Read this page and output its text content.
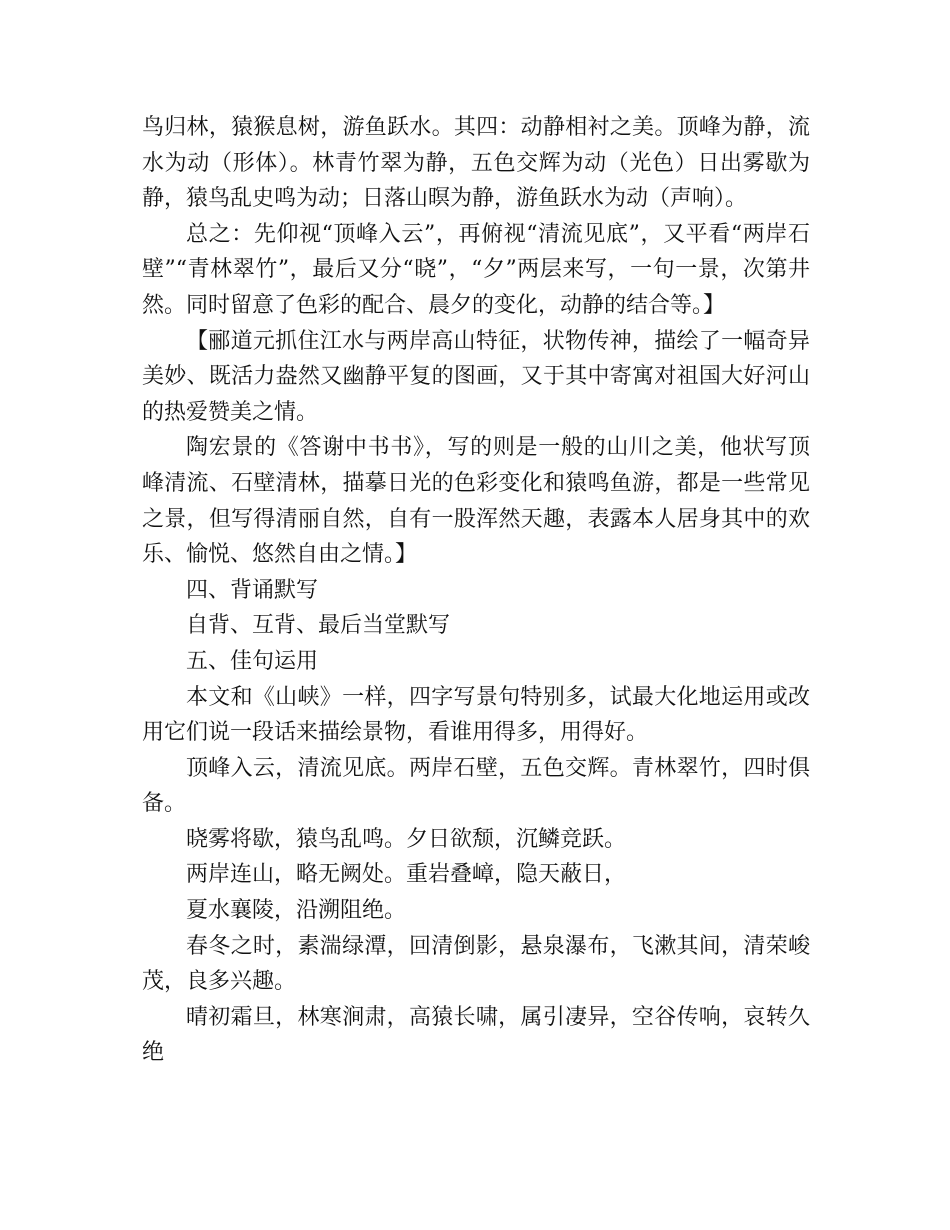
鸟归林，猿猴息树，游鱼跃水。其四：动静相衬之美。顶峰为静，流水为动（形体）。林青竹翠为静，五色交辉为动（光色）日出雾歇为静，猿鸟乱史鸣为动；日落山暝为静，游鱼跃水为动（声响）。

总之：先仰视“顶峰入云”，再俯视“清流见底”，又平看“两岸石壁”“青林翠竹”，最后又分“晓”，“夕”两层来写，一句一景，次第井然。同时留意了色彩的配合、晨夕的变化，动静的结合等。】

【郦道元抓住江水与两岸高山特征，状物传神，描绘了一幅奇异美妙、既活力盎然又幽静平复的图画，又于其中寄寓对祖国大好河山的热爱赞美之情。

陶宏景的《答谢中书书》，写的则是一般的山川之美，他状写顶峰清流、石壁清林，描摹日光的色彩变化和猿鸣鱼游，都是一些常见之景，但写得清丽自然，自有一股浑然天趣，表露本人居身其中的欢乐、愉悦、悠然自由之情。】

四、背诵默写

自背、互背、最后当堂默写

五、佳句运用

本文和《山峡》一样，四字写景句特别多，试最大化地运用或改用它们说一段话来描绘景物，看谁用得多，用得好。

顶峰入云，清流见底。两岸石壁，五色交辉。青林翠竹，四时俱备。

晓雾将歇，猿鸟乱鸣。夕日欲颓，沉鳞竞跃。

两岸连山，略无阙处。重岩叠嶂，隐天蔽日，

夏水襄陵，沿溯阻绝。

春冬之时，素湍绿潭，回清倒影，悬泉瀑布，飞漱其间，清荣峻茂，良多兴趣。

晴初霜旦，林寒涧肃，高猿长啸，属引凄异，空谷传响，哀转久绝
